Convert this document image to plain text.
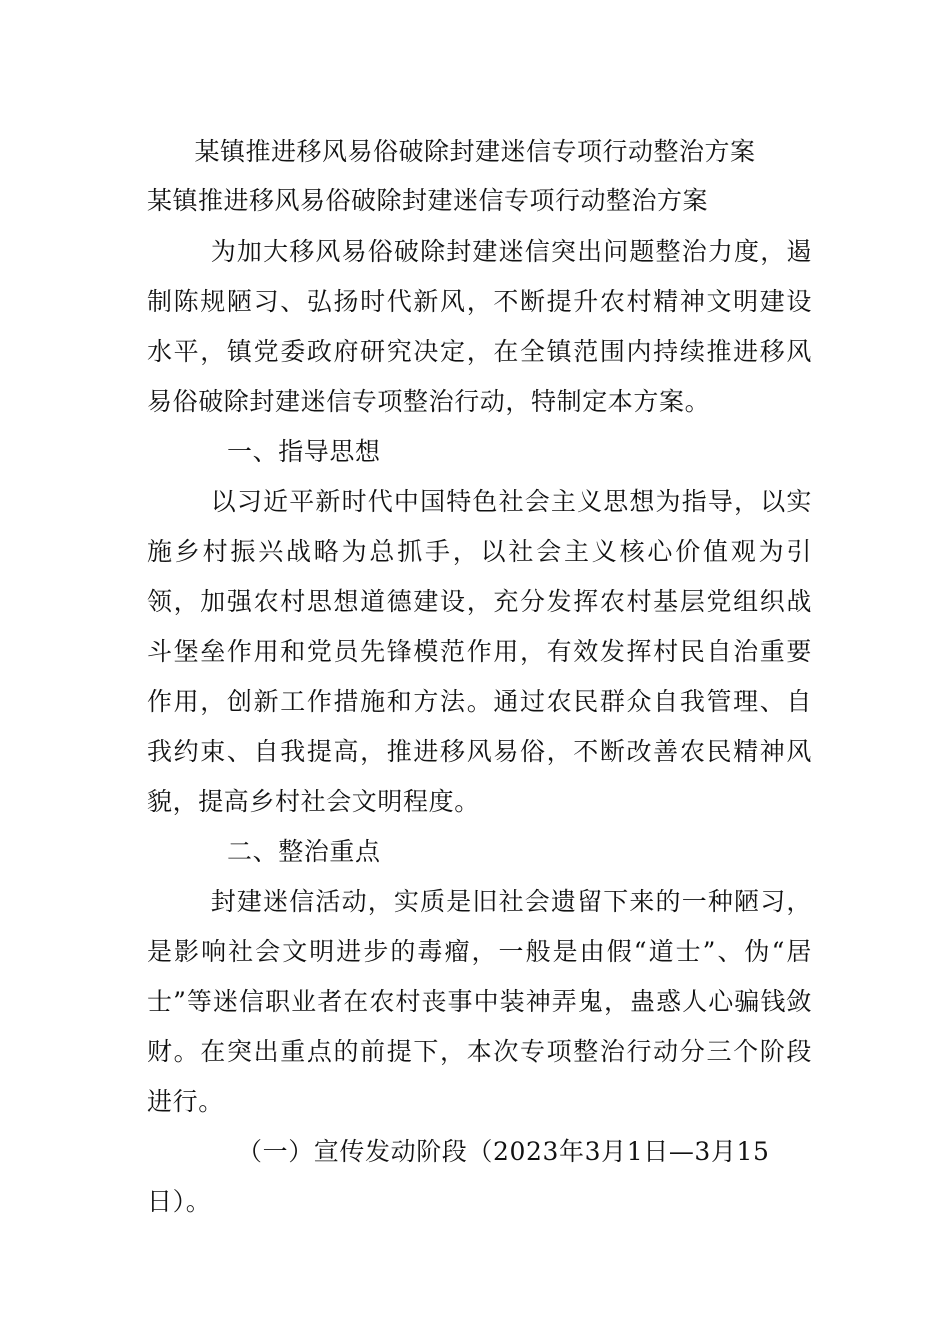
某镇推进移风易俗破除封建迷信专项行动整治方案
某镇推进移风易俗破除封建迷信专项行动整治方案

为加大移风易俗破除封建迷信突出问题整治力度，遏制陈规陋习、弘扬时代新风，不断提升农村精神文明建设水平，镇党委政府研究决定，在全镇范围内持续推进移风易俗破除封建迷信专项整治行动，特制定本方案。

一、指导思想

以习近平新时代中国特色社会主义思想为指导，以实施乡村振兴战略为总抓手，以社会主义核心价值观为引领，加强农村思想道德建设，充分发挥农村基层党组织战斗堡垒作用和党员先锋模范作用，有效发挥村民自治重要作用，创新工作措施和方法。通过农民群众自我管理、自我约束、自我提高，推进移风易俗，不断改善农民精神风貌，提高乡村社会文明程度。

二、整治重点

封建迷信活动，实质是旧社会遗留下来的一种陋习，是影响社会文明进步的毒瘤，一般是由假“道士”、伪“居士”等迷信职业者在农村丧事中装神弄鬼，蛊惑人心骗钱敛财。在突出重点的前提下，本次专项整治行动分三个阶段进行。

（一）宣传发动阶段（2023年3月1日—3月15日）。
